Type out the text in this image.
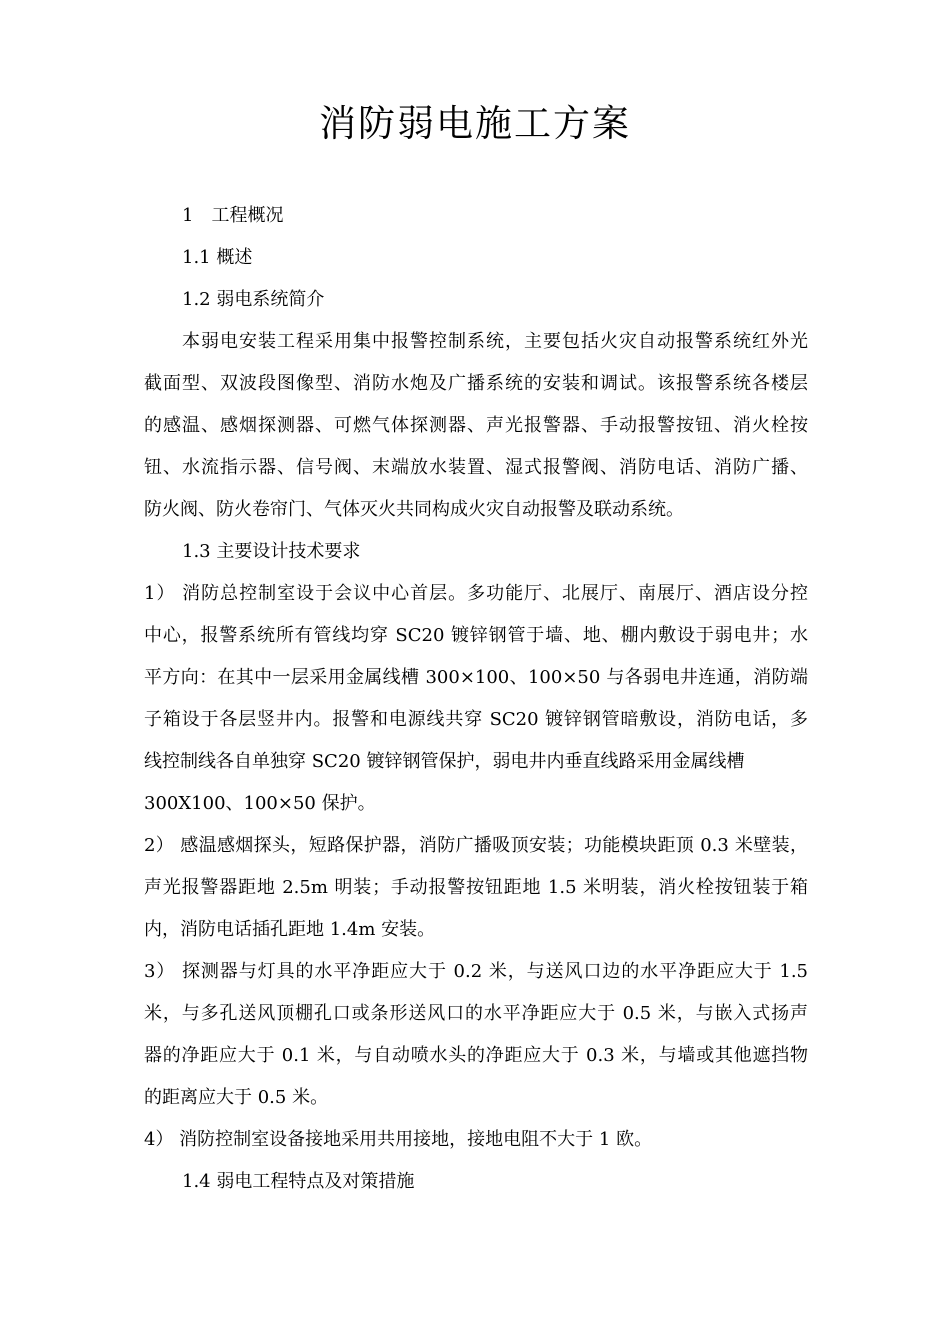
消防弱电施工方案
1　工程概况
1.1 概述
1.2 弱电系统简介
本弱电安装工程采用集中报警控制系统，主要包括火灾自动报警系统红外光
截面型、双波段图像型、消防水炮及广播系统的安装和调试。该报警系统各楼层
的感温、感烟探测器、可燃气体探测器、声光报警器、手动报警按钮、消火栓按
钮、水流指示器、信号阀、末端放水装置、湿式报警阀、消防电话、消防广播、
防火阀、防火卷帘门、气体灭火共同构成火灾自动报警及联动系统。
1.3 主要设计技术要求
1） 消防总控制室设于会议中心首层。多功能厅、北展厅、南展厅、酒店设分控
中心，报警系统所有管线均穿 SC20 镀锌钢管于墙、地、棚内敷设于弱电井；水
平方向：在其中一层采用金属线槽 300×100、100×50 与各弱电井连通，消防端
子箱设于各层竖井内。报警和电源线共穿 SC20 镀锌钢管暗敷设，消防电话，多
线控制线各自单独穿 SC20 镀锌钢管保护，弱电井内垂直线路采用金属线槽
300X100、100×50 保护。
2） 感温感烟探头，短路保护器，消防广播吸顶安装；功能模块距顶 0.3 米壁装，
声光报警器距地 2.5m 明装；手动报警按钮距地 1.5 米明装，消火栓按钮装于箱
内，消防电话插孔距地 1.4m 安装。
3） 探测器与灯具的水平净距应大于 0.2 米，与送风口边的水平净距应大于 1.5
米，与多孔送风顶棚孔口或条形送风口的水平净距应大于 0.5 米，与嵌入式扬声
器的净距应大于 0.1 米，与自动喷水头的净距应大于 0.3 米，与墙或其他遮挡物
的距离应大于 0.5 米。
4） 消防控制室设备接地采用共用接地，接地电阻不大于 1 欧。
1.4 弱电工程特点及对策措施
